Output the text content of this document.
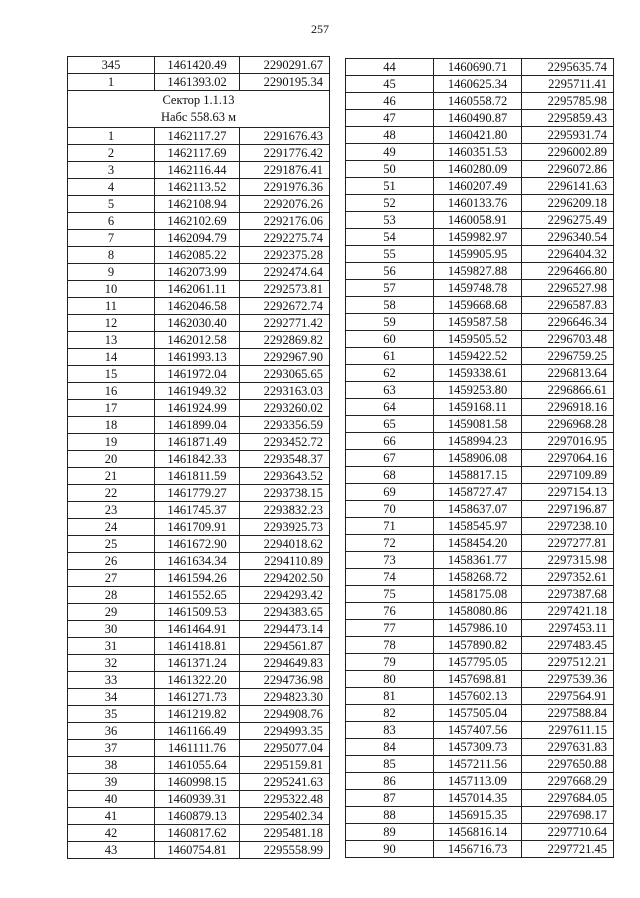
257
345	1461420.49	2290291.67
1	1461393.02	2290195.34

Сектор 1.1.13
Набс 558.63 м		

1	1462117.27	2291676.43
2	1462117.69	2291776.42
3	1462116.44	2291876.41
4	1462113.52	2291976.36
5	1462108.94	2292076.26
6	1462102.69	2292176.06
7	1462094.79	2292275.74
8	1462085.22	2292375.28
9	1462073.99	2292474.64
10	1462061.11	2292573.81
11	1462046.58	2292672.74
12	1462030.40	2292771.42
13	1462012.58	2292869.82
14	1461993.13	2292967.90
15	1461972.04	2293065.65
16	1461949.32	2293163.03
17	1461924.99	2293260.02
18	1461899.04	2293356.59
19	1461871.49	2293452.72
20	1461842.33	2293548.37
21	1461811.59	2293643.52
22	1461779.27	2293738.15
23	1461745.37	2293832.23
24	1461709.91	2293925.73
25	1461672.90	2294018.62
26	1461634.34	2294110.89
27	1461594.26	2294202.50
28	1461552.65	2294293.42
29	1461509.53	2294383.65
30	1461464.91	2294473.14
31	1461418.81	2294561.87
32	1461371.24	2294649.83
33	1461322.20	2294736.98
34	1461271.73	2294823.30
35	1461219.82	2294908.76
36	1461166.49	2294993.35
37	1461111.76	2295077.04
38	1461055.64	2295159.81
39	1460998.15	2295241.63
40	1460939.31	2295322.48
41	1460879.13	2295402.34
42	1460817.62	2295481.18
43	1460754.81	2295558.99
44	1460690.71	2295635.74
45	1460625.34	2295711.41
46	1460558.72	2295785.98
47	1460490.87	2295859.43
48	1460421.80	2295931.74
49	1460351.53	2296002.89
50	1460280.09	2296072.86
51	1460207.49	2296141.63
52	1460133.76	2296209.18
53	1460058.91	2296275.49
54	1459982.97	2296340.54
55	1459905.95	2296404.32
56	1459827.88	2296466.80
57	1459748.78	2296527.98
58	1459668.68	2296587.83
59	1459587.58	2296646.34
60	1459505.52	2296703.48
61	1459422.52	2296759.25
62	1459338.61	2296813.64
63	1459253.80	2296866.61
64	1459168.11	2296918.16
65	1459081.58	2296968.28
66	1458994.23	2297016.95
67	1458906.08	2297064.16
68	1458817.15	2297109.89
69	1458727.47	2297154.13
70	1458637.07	2297196.87
71	1458545.97	2297238.10
72	1458454.20	2297277.81
73	1458361.77	2297315.98
74	1458268.72	2297352.61
75	1458175.08	2297387.68
76	1458080.86	2297421.18
77	1457986.10	2297453.11
78	1457890.82	2297483.45
79	1457795.05	2297512.21
80	1457698.81	2297539.36
81	1457602.13	2297564.91
82	1457505.04	2297588.84
83	1457407.56	2297611.15
84	1457309.73	2297631.83
85	1457211.56	2297650.88
86	1457113.09	2297668.29
87	1457014.35	2297684.05
88	1456915.35	2297698.17
89	1456816.14	2297710.64
90	1456716.73	2297721.45
